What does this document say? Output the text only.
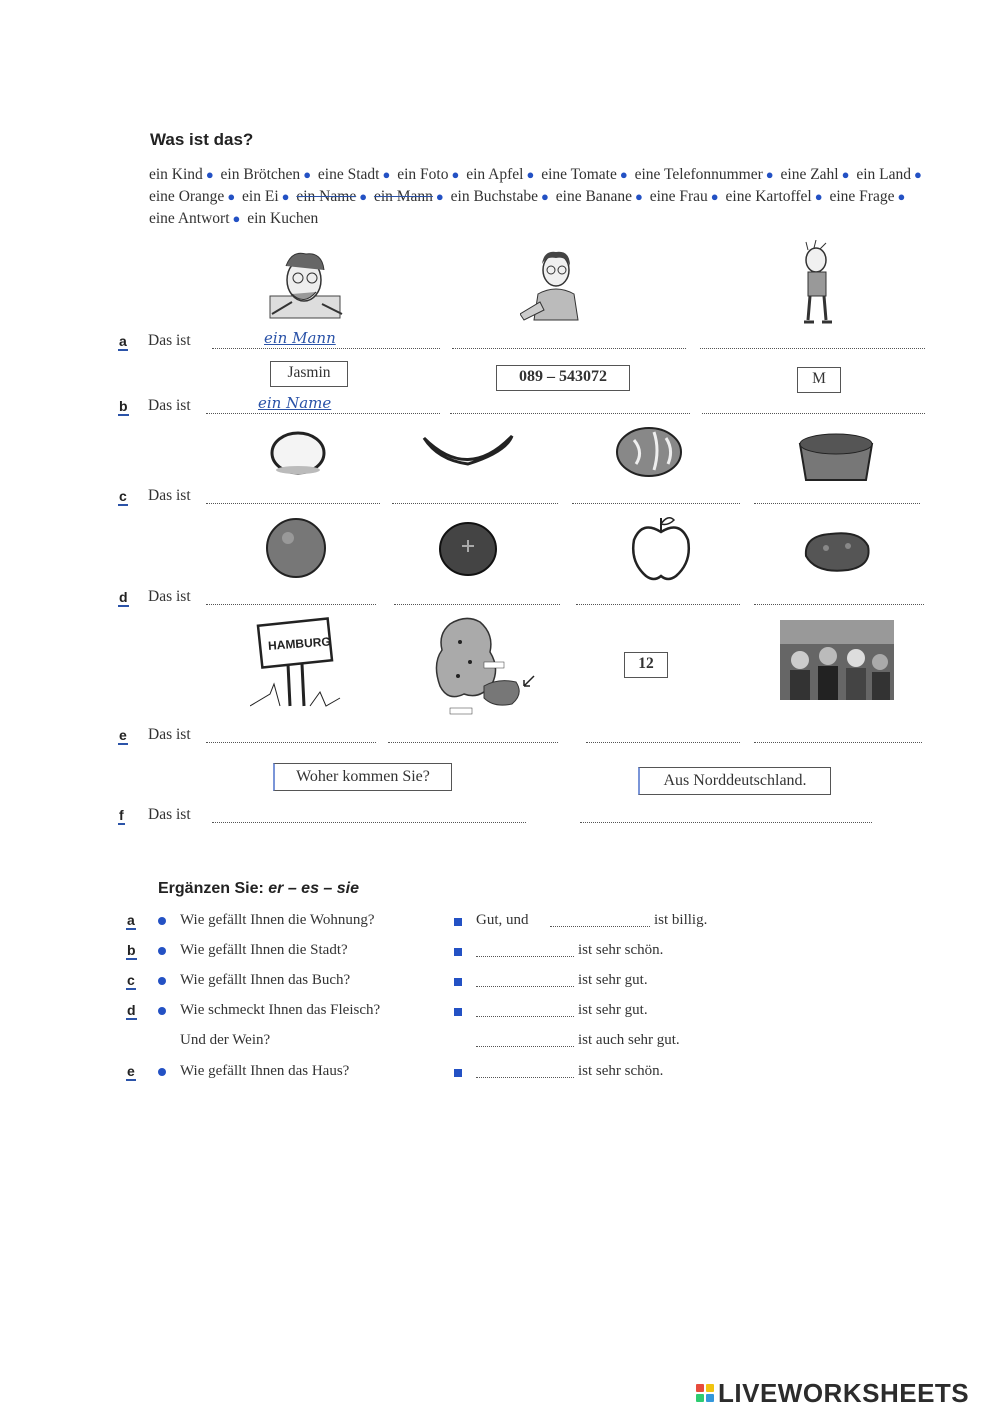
Was ist das?
ein Kind ● ein Brötchen ● eine Stadt ● ein Foto ● ein Apfel ● eine Tomate ● eine Telefonnummer ● eine Zahl ● ein Land ● eine Orange ● ein Ei ● ein Name ● ein Mann ● ein Buchstabe ● eine Banane ● eine Frau ● eine Kartoffel ● eine Frage ● eine Antwort ● ein Kuchen
Jasmin	089 – 543072	M
HAMBURG
12
Woher kommen Sie?	Aus Norddeutschland.
a Das ist	ein Mann
b Das ist	ein Name
c Das ist
d Das ist
e Das ist
f Das ist
Ergänzen Sie: er – es – sie
a	Wie gefällt Ihnen die Wohnung?	Gut, und	ist billig.
b	Wie gefällt Ihnen die Stadt?	ist sehr schön.
c	Wie gefällt Ihnen das Buch?	ist sehr gut.
d	Wie schmeckt Ihnen das Fleisch?	ist sehr gut.
Und der Wein?	ist auch sehr gut.
e	Wie gefällt Ihnen das Haus?	ist sehr schön.
LIVEWORKSHEETS
